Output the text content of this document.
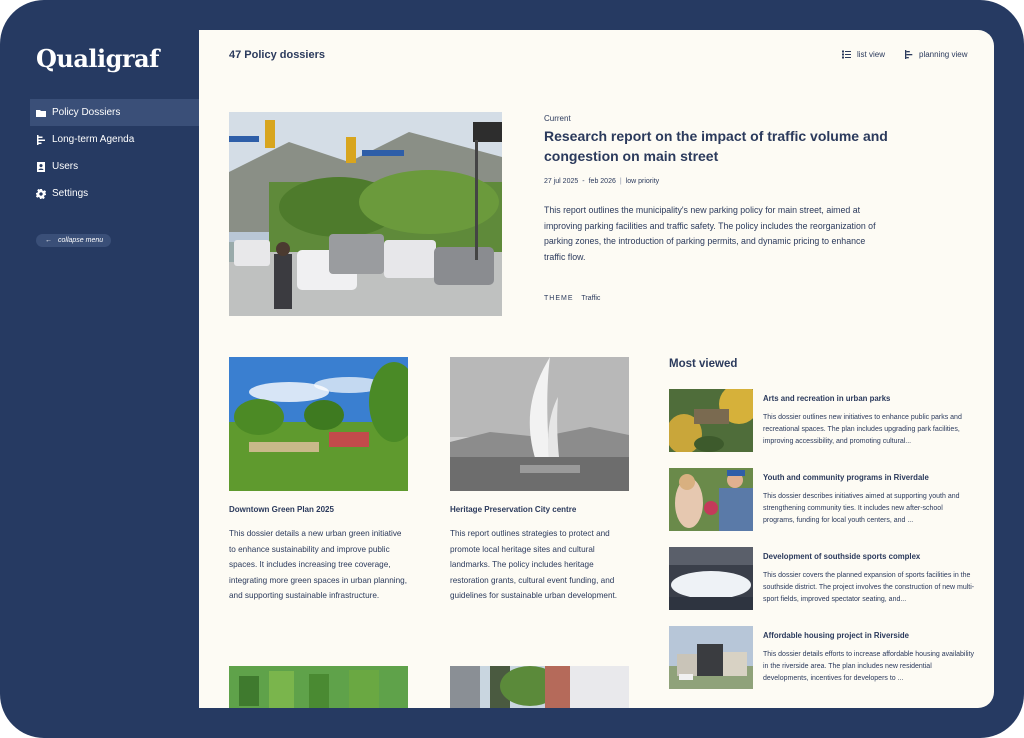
Qualigraf
Policy Dossiers
Long-term Agenda
Users
Settings
← collapse menu
47 Policy dossiers	list view	planning view
Current
Research report on the impact of traffic volume and congestion on main street
27 jul 2025 - feb 2026 | low priority
This report outlines the municipality's new parking policy for main street, aimed at improving parking facilities and traffic safety. The policy includes the reorganization of parking zones, the introduction of parking permits, and dynamic pricing to enhance traffic flow.
THEME Traffic
Downtown Green Plan 2025
This dossier details a new urban green initiative to enhance sustainability and improve public spaces. It includes increasing tree coverage, integrating more green spaces in urban planning, and supporting sustainable infrastructure.
Heritage Preservation City centre
This report outlines strategies to protect and promote local heritage sites and cultural landmarks. The policy includes heritage restoration grants, cultural event funding, and guidelines for sustainable urban development.
Most viewed
Arts and recreation in urban parks
This dossier outlines new initiatives to enhance public parks and recreational spaces. The plan includes upgrading park facilities, improving accessibility, and promoting cultural...
Youth and community programs in Riverdale
This dossier describes initiatives aimed at supporting youth and strengthening community ties. It includes new after-school programs, funding for local youth centers, and ...
Development of southside sports complex
This dossier covers the planned expansion of sports facilities in the southside district. The project involves the construction of new multi-sport fields, improved spectator seating, and...
Affordable housing project in Riverside
This dossier details efforts to increase affordable housing availability in the riverside area. The plan includes new residential developments, incentives for developers to ...
